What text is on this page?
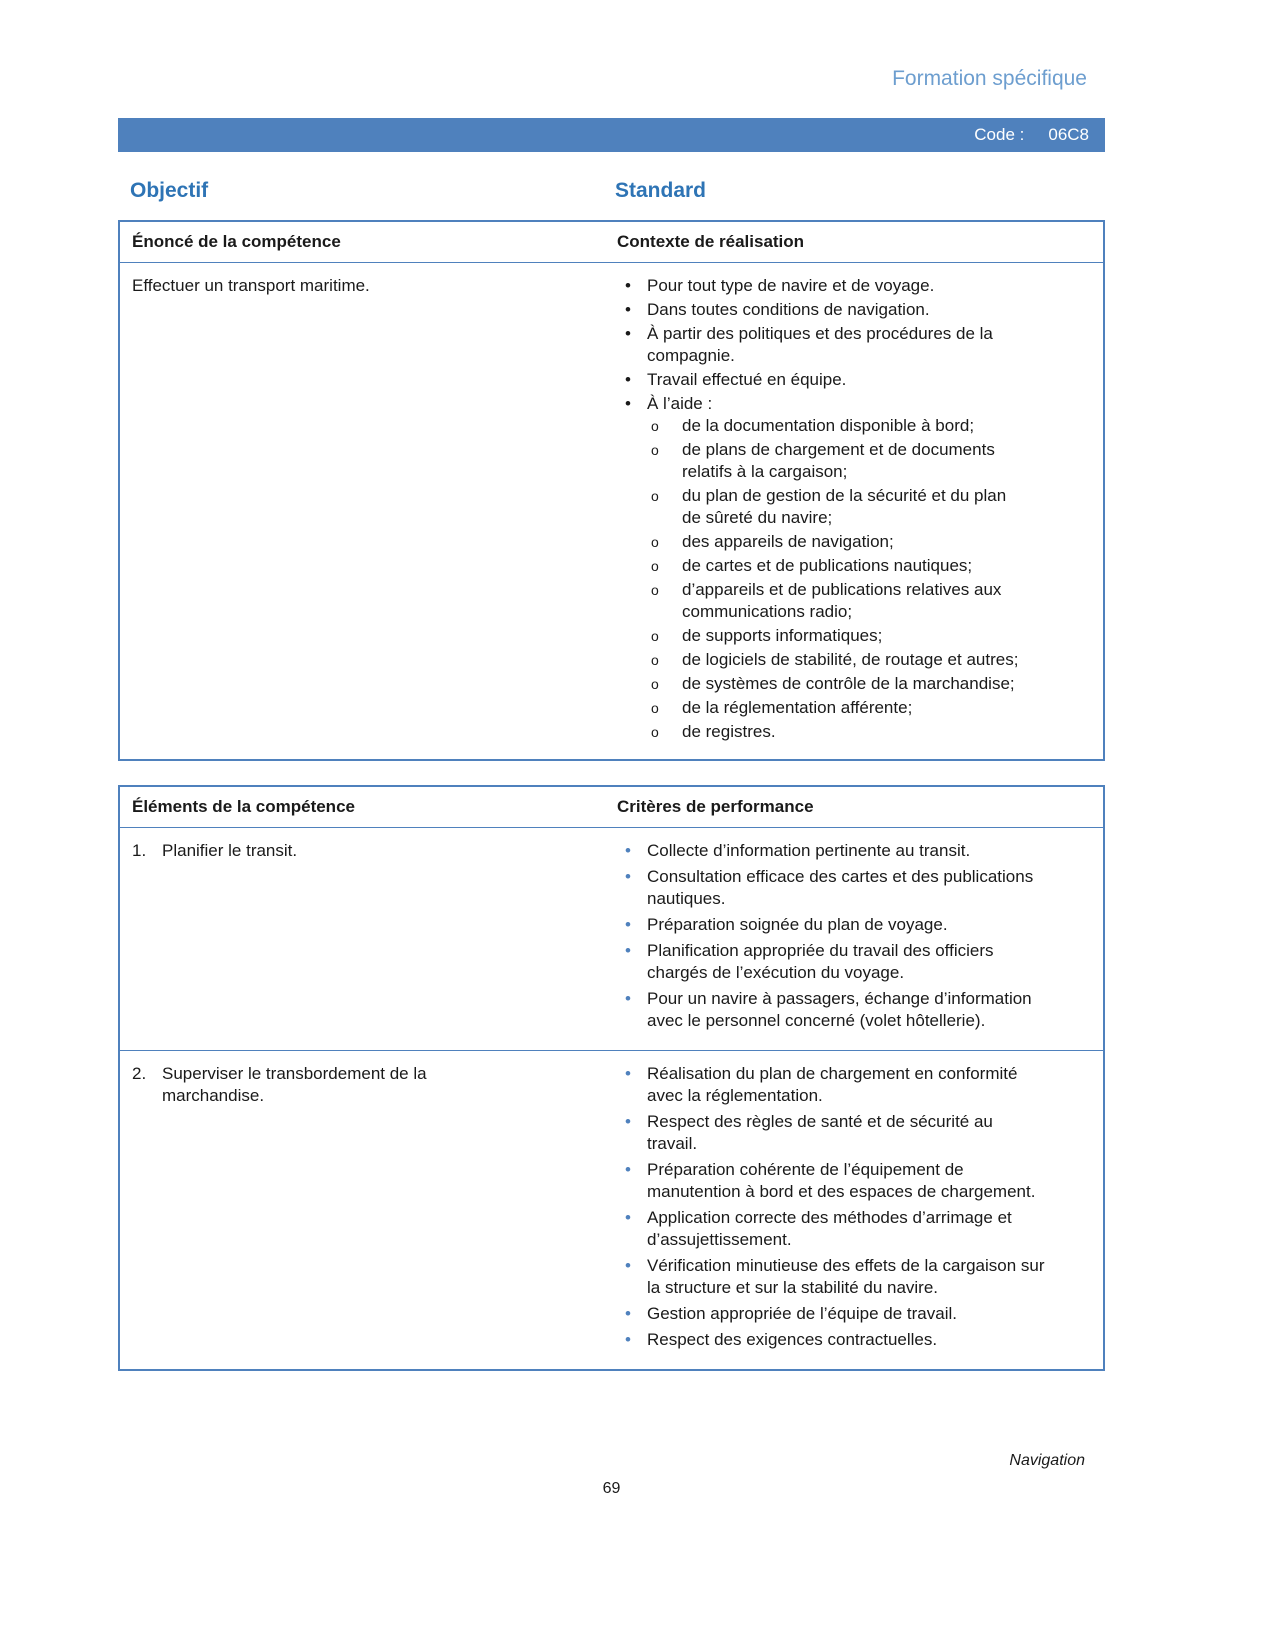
Formation spécifique
Code : 06C8
Objectif	Standard
Énoncé de la compétence	Contexte de réalisation
Effectuer un transport maritime.	• Pour tout type de navire et de voyage.
• Dans toutes conditions de navigation.
• À partir des politiques et des procédures de la compagnie.
• Travail effectué en équipe.
• À l’aide :
o de la documentation disponible à bord;
o de plans de chargement et de documents relatifs à la cargaison;
o du plan de gestion de la sécurité et du plan de sûreté du navire;
o des appareils de navigation;
o de cartes et de publications nautiques;
o d’appareils et de publications relatives aux communications radio;
o de supports informatiques;
o de logiciels de stabilité, de routage et autres;
o de systèmes de contrôle de la marchandise;
o de la réglementation afférente;
o de registres.
Éléments de la compétence	Critères de performance
1. Planifier le transit.	• Collecte d’information pertinente au transit.
• Consultation efficace des cartes et des publications nautiques.
• Préparation soignée du plan de voyage.
• Planification appropriée du travail des officiers chargés de l’exécution du voyage.
• Pour un navire à passagers, échange d’information avec le personnel concerné (volet hôtellerie).
2. Superviser le transbordement de la marchandise.
• Réalisation du plan de chargement en conformité avec la réglementation.
• Respect des règles de santé et de sécurité au travail.
• Préparation cohérente de l’équipement de manutention à bord et des espaces de chargement.
• Application correcte des méthodes d’arrimage et d’assujettissement.
• Vérification minutieuse des effets de la cargaison sur la structure et sur la stabilité du navire.
• Gestion appropriée de l’équipe de travail.
• Respect des exigences contractuelles.
Navigation
69
